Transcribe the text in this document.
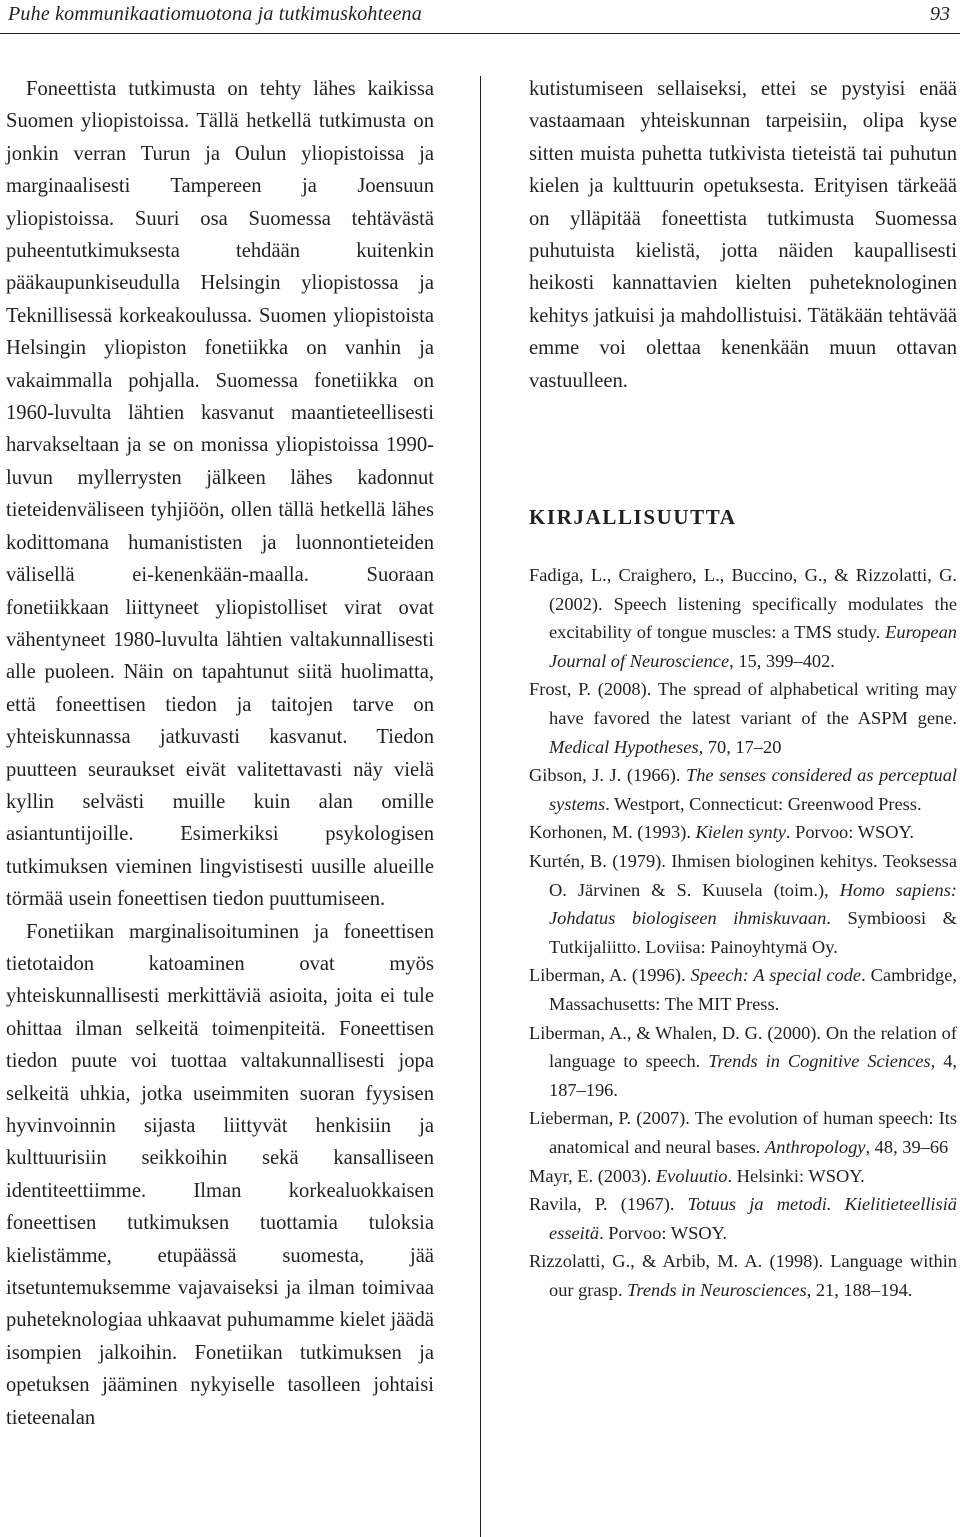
Puhe kommunikaatiomuotona ja tutkimuskohteena	93

Foneettista tutkimusta on tehty lähes kaikissa Suomen yliopistoissa. Tällä hetkellä tutkimusta on jonkin verran Turun ja Oulun yliopistoissa ja marginaalisesti Tampereen ja Joensuun yliopistoissa. Suuri osa Suomessa tehtävästä puheentutkimuksesta tehdään kuitenkin pääkaupunkiseudulla Helsingin yliopistossa ja Teknillisessä korkeakoulussa. Suomen yliopistoista Helsingin yliopiston fonetiikka on vanhin ja vakaimmalla pohjalla. Suomessa fonetiikka on 1960-luvulta lähtien kasvanut maantieteellisesti harvakseltaan ja se on monissa yliopistoissa 1990-luvun myllerrysten jälkeen lähes kadonnut tieteidenväliseen tyhjiöön, ollen tällä hetkellä lähes kodittomana humanististen ja luonnontieteiden välisellä ei-kenenkään-maalla. Suoraan fonetiikkaan liittyneet yliopistolliset virat ovat vähentyneet 1980-luvulta lähtien valtakunnallisesti alle puoleen. Näin on tapahtunut siitä huolimatta, että foneettisen tiedon ja taitojen tarve on yhteiskunnassa jatkuvasti kasvanut. Tiedon puutteen seuraukset eivät valitettavasti näy vielä kyllin selvästi muille kuin alan omille asiantuntijoille. Esimerkiksi psykologisen tutkimuksen vieminen lingvistisesti uusille alueille törmää usein foneettisen tiedon puuttumiseen.

Fonetiikan marginalisoituminen ja foneettisen tietotaidon katoaminen ovat myös yhteiskunnallisesti merkittäviä asioita, joita ei tule ohittaa ilman selkeitä toimenpiteitä. Foneettisen tiedon puute voi tuottaa valtakunnallisesti jopa selkeitä uhkia, jotka useimmiten suoran fyysisen hyvinvoinnin sijasta liittyvät henkisiin ja kulttuurisiin seikkoihin sekä kansalliseen identiteettiimme. Ilman korkealuokkaisen foneettisen tutkimuksen tuottamia tuloksia kielistämme, etupäässä suomesta, jää itsetuntemuksemme vajavaiseksi ja ilman toimivaa puheteknologiaa uhkaavat puhumamme kielet jäädä isompien jalkoihin. Fonetiikan tutkimuksen ja opetuksen jääminen nykyiselle tasolleen johtaisi tieteenalan

kutistumiseen sellaiseksi, ettei se pystyisi enää vastaamaan yhteiskunnan tarpeisiin, olipa kyse sitten muista puhetta tutkivista tieteistä tai puhutun kielen ja kulttuurin opetuksesta. Erityisen tärkeää on ylläpitää foneettista tutkimusta Suomessa puhutuista kielistä, jotta näiden kaupallisesti heikosti kannattavien kielten puheteknologinen kehitys jatkuisi ja mahdollistuisi. Tätäkään tehtävää emme voi olettaa kenenkään muun ottavan vastuulleen.

KIRJALLISUUTTA

Fadiga, L., Craighero, L., Buccino, G., & Rizzolatti, G. (2002). Speech listening specifically modulates the excitability of tongue muscles: a TMS study. European Journal of Neuroscience, 15, 399–402.

Frost, P. (2008). The spread of alphabetical writing may have favored the latest variant of the ASPM gene. Medical Hypotheses, 70, 17–20

Gibson, J. J. (1966). The senses considered as perceptual systems. Westport, Connecticut: Greenwood Press.

Korhonen, M. (1993). Kielen synty. Porvoo: WSOY.

Kurtén, B. (1979). Ihmisen biologinen kehitys. Teoksessa O. Järvinen & S. Kuusela (toim.), Homo sapiens: Johdatus biologiseen ihmiskuvaan. Symbioosi & Tutkijaliitto. Loviisa: Painoyhtymä Oy.

Liberman, A. (1996). Speech: A special code. Cambridge, Massachusetts: The MIT Press.

Liberman, A., & Whalen, D. G. (2000). On the relation of language to speech. Trends in Cognitive Sciences, 4, 187–196.

Lieberman, P. (2007). The evolution of human speech: Its anatomical and neural bases. Anthropology, 48, 39–66

Mayr, E. (2003). Evoluutio. Helsinki: WSOY.

Ravila, P. (1967). Totuus ja metodi. Kielitieteellisiä esseitä. Porvoo: WSOY.

Rizzolatti, G., & Arbib, M. A. (1998). Language within our grasp. Trends in Neurosciences, 21, 188–194.
